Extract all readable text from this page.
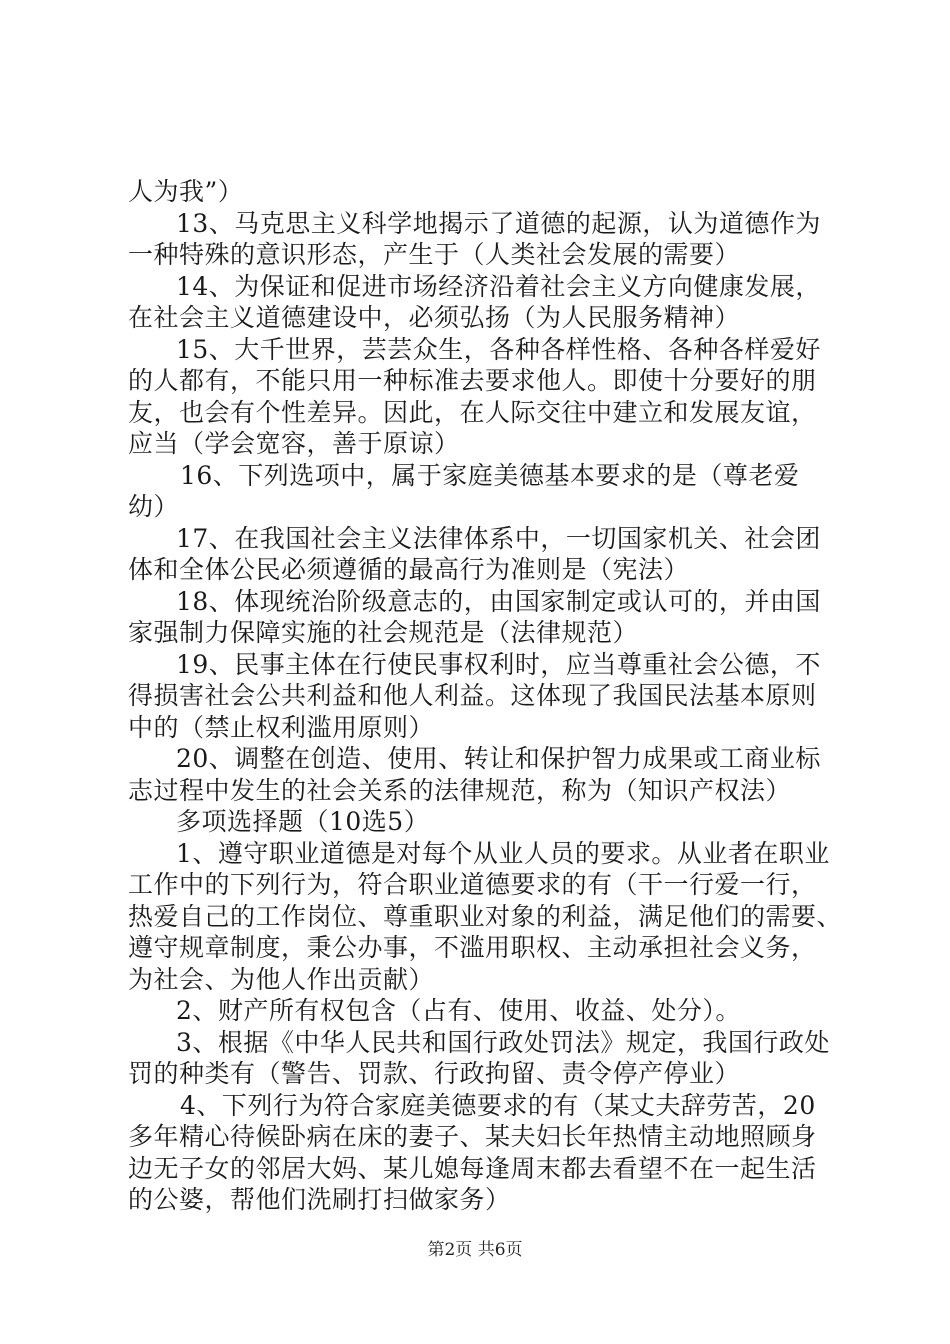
人为我”）
13、马克思主义科学地揭示了道德的起源，认为道德作为
一种特殊的意识形态，产生于（人类社会发展的需要）
14、为保证和促进市场经济沿着社会主义方向健康发展，
在社会主义道德建设中，必须弘扬（为人民服务精神）
15、大千世界，芸芸众生，各种各样性格、各种各样爱好
的人都有，不能只用一种标准去要求他人。即使十分要好的朋
友，也会有个性差异。因此，在人际交往中建立和发展友谊，
应当（学会宽容，善于原谅）
16、下列选项中，属于家庭美德基本要求的是（尊老爱
幼）
17、在我国社会主义法律体系中，一切国家机关、社会团
体和全体公民必须遵循的最高行为准则是（宪法）
18、体现统治阶级意志的，由国家制定或认可的，并由国
家强制力保障实施的社会规范是（法律规范）
19、民事主体在行使民事权利时，应当尊重社会公德，不
得损害社会公共利益和他人利益。这体现了我国民法基本原则
中的（禁止权利滥用原则）
20、调整在创造、使用、转让和保护智力成果或工商业标
志过程中发生的社会关系的法律规范，称为（知识产权法）
多项选择题（10选5）
1、遵守职业道德是对每个从业人员的要求。从业者在职业
工作中的下列行为，符合职业道德要求的有（干一行爱一行，
热爱自己的工作岗位、尊重职业对象的利益，满足他们的需要、
遵守规章制度，秉公办事，不滥用职权、主动承担社会义务，
为社会、为他人作出贡献）
2、财产所有权包含（占有、使用、收益、处分）。
3、根据《中华人民共和国行政处罚法》规定，我国行政处
罚的种类有（警告、罚款、行政拘留、责令停产停业）
4、下列行为符合家庭美德要求的有（某丈夫辞劳苦，20
多年精心待候卧病在床的妻子、某夫妇长年热情主动地照顾身
边无子女的邻居大妈、某儿媳每逢周末都去看望不在一起生活
的公婆，帮他们洗刷打扫做家务）
第2页 共6页
